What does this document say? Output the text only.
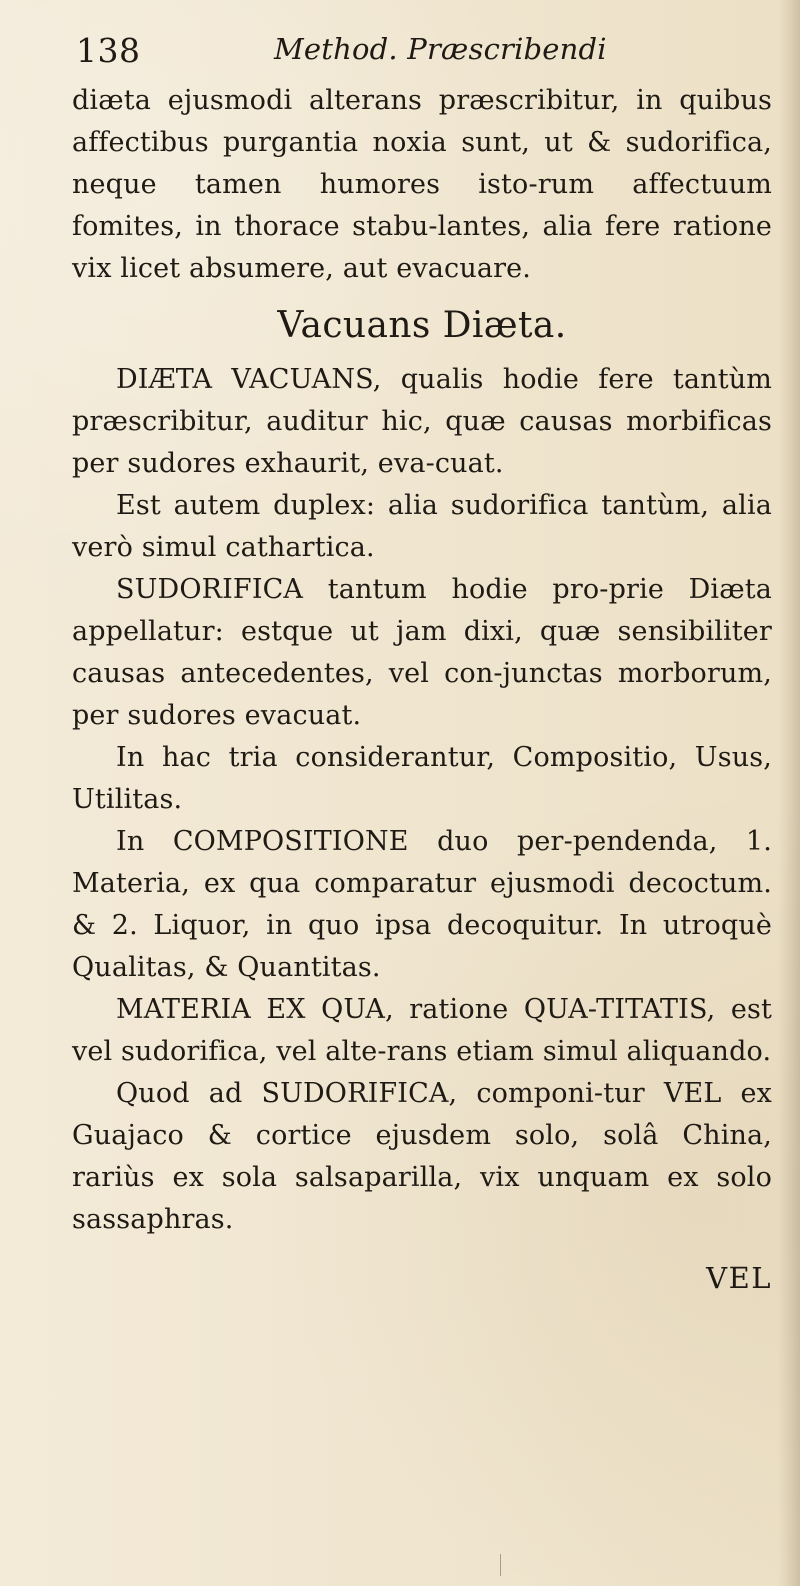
138	Method. Præscribendi

diæta ejusmodi alterans præscribitur, in quibus affectibus purgantia noxia sunt, ut & sudorifica, neque tamen humores isto-rum affectuum fomites, in thorace stabu-lantes, alia fere ratione vix licet absumere, aut evacuare.

Vacuans Diæta.

DIÆTA VACUANS, qualis hodie fere tantùm præscribitur, auditur hic, quæ causas morbificas per sudores exhaurit, eva-cuat.

Est autem duplex: alia sudorifica tantùm, alia verò simul cathartica.

SUDORIFICA tantum hodie pro-prie Diæta appellatur: estque ut jam dixi, quæ sensibiliter causas antecedentes, vel con-junctas morborum, per sudores evacuat.

In hac tria considerantur, Compositio, Usus, Utilitas.

In COMPOSITIONE duo per-pendenda, 1. Materia, ex qua comparatur ejusmodi decoctum. & 2. Liquor, in quo ipsa decoquitur. In utroquè Qualitas, & Quantitas.

MATERIA EX QUA, ratione QUA-TITATIS, est vel sudorifica, vel alte-rans etiam simul aliquando.

Quod ad SUDORIFICA, componi-tur VEL ex Guajaco & cortice ejusdem solo, solâ China, rariùs ex sola salsaparilla, vix unquam ex solo sassaphras.

VEL
